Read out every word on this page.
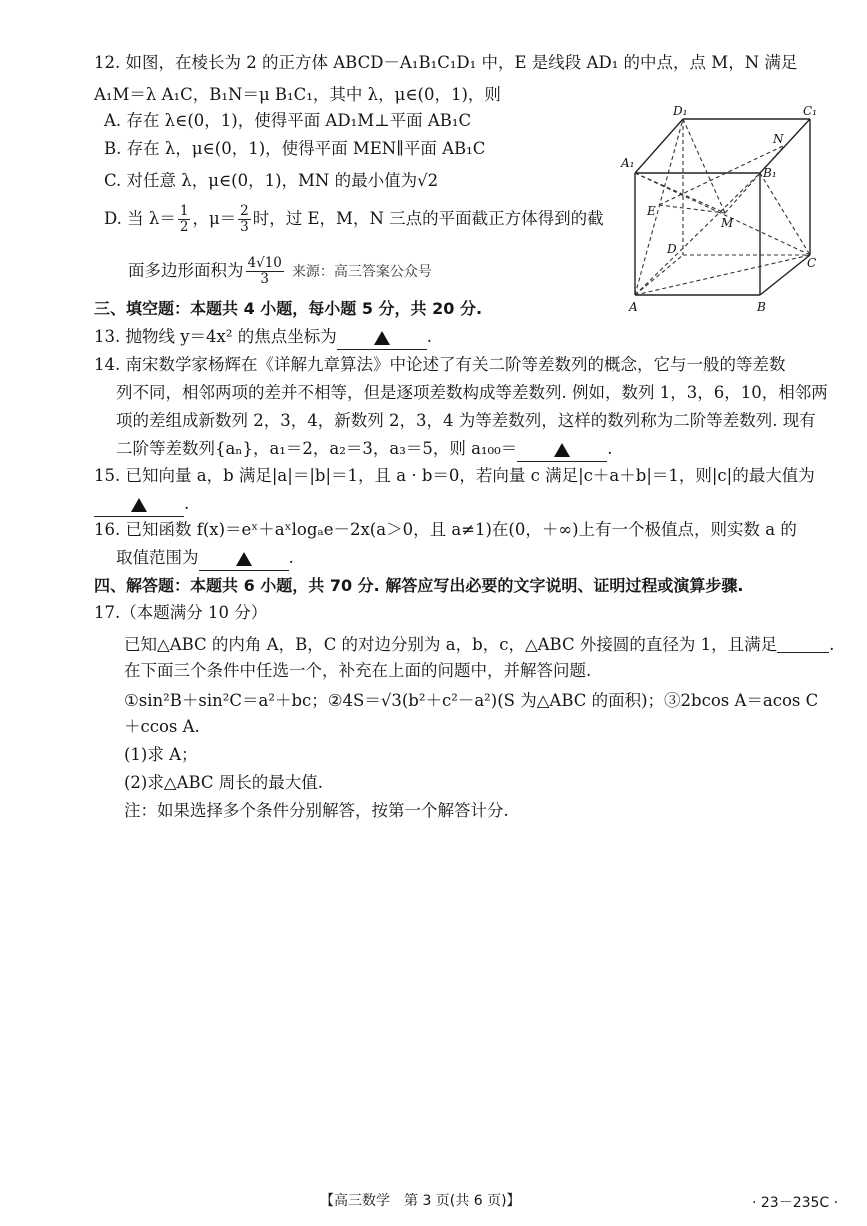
12. 如图，在棱长为 2 的正方体 ABCD－A₁B₁C₁D₁ 中，E 是线段 AD₁ 的中点，点 M，N 满足
A₁M＝λ A₁C，B₁N＝μ B₁C₁，其中 λ，μ∈(0，1)，则
A. 存在 λ∈(0，1)，使得平面 AD₁M⊥平面 AB₁C
B. 存在 λ，μ∈(0，1)，使得平面 MEN∥平面 AB₁C
C. 对任意 λ，μ∈(0，1)，MN 的最小值为√2
D. 当 $\lambda= \frac{1}{2}$ ，$\mu= \frac{2}{3}$ 时，过 E，M，N 三点的平面截正方体得到的截
面多边形面积为 $\frac{4√10}{3}$ 来源：高三答案公众号
D₁	C₁
A₁
B₁
N
E
M
D
C
A	B
三、填空题：本题共 4 小题，每小题 5 分，共 20 分.
13. 抛物线 y＝4x² 的焦点坐标为	.
14. 南宋数学家杨辉在《详解九章算法》中论述了有关二阶等差数列的概念，它与一般的等差数
列不同，相邻两项的差并不相等，但是逐项差数构成等差数列. 例如，数列 1，3，6，10，相邻两
项的差组成新数列 2，3，4，新数列 2，3，4 为等差数列，这样的数列称为二阶等差数列. 现有
二阶等差数列{aₙ}，a₁＝2，a₂＝3，a₃＝5，则 a₁₀₀＝	.
15. 已知向量 a，b 满足|a|＝|b|＝1，且 a · b＝0，若向量 c 满足|c＋a＋b|＝1，则|c|的最大值为
.
16. 已知函数 f(x)＝eˣ＋aˣlogₐe－2x(a＞0，且 a≠1)在(0，＋∞)上有一个极值点，则实数 a 的
取值范围为	.
四、解答题：本题共 6 小题，共 70 分. 解答应写出必要的文字说明、证明过程或演算步骤.
17.（本题满分 10 分）
已知△ABC 的内角 A，B，C 的对边分别为 a，b，c，△ABC 外接圆的直径为 1，且满足	.
在下面三个条件中任选一个，补充在上面的问题中，并解答问题.
①sin²B＋sin²C＝a²＋bc；②4S＝√3(b²＋c²－a²)(S 为△ABC 的面积)；③2bcos A＝acos C
＋ccos A.
(1)求 A；
(2)求△ABC 周长的最大值.
注：如果选择多个条件分别解答，按第一个解答计分.
【高三数学　第 3 页(共 6 页)】	· 23－235C ·
